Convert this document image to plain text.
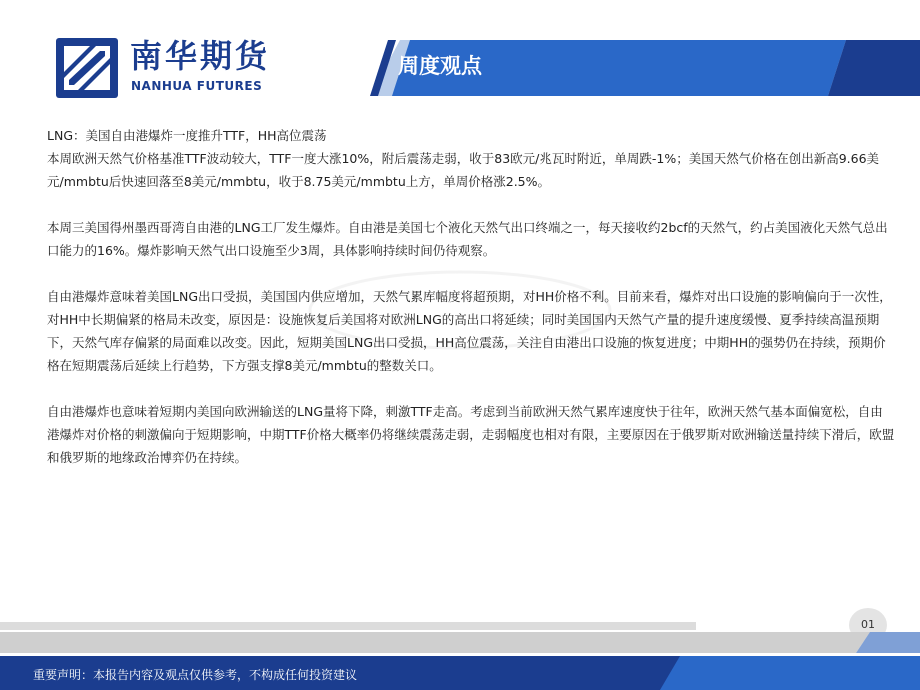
南华期货
NANHUA FUTURES
周度观点

LNG：美国自由港爆炸一度推升TTF，HH高位震荡

本周欧洲天然气价格基准TTF波动较大，TTF一度大涨10%，附后震荡走弱，收于83欧元/兆瓦时附近，单周跌-1%；美国天然气价格在创出新高9.66美元/mmbtu后快速回落至8美元/mmbtu，收于8.75美元/mmbtu上方，单周价格涨2.5%。

本周三美国得州墨西哥湾自由港的LNG工厂发生爆炸。自由港是美国七个液化天然气出口终端之一，每天接收约2bcf的天然气，约占美国液化天然气总出口能力的16%。爆炸影响天然气出口设施至少3周，具体影响持续时间仍待观察。

自由港爆炸意味着美国LNG出口受损，美国国内供应增加，天然气累库幅度将超预期，对HH价格不利。目前来看，爆炸对出口设施的影响偏向于一次性，对HH中长期偏紧的格局未改变，原因是：设施恢复后美国将对欧洲LNG的高出口将延续；同时美国国内天然气产量的提升速度缓慢、夏季持续高温预期下，天然气库存偏紧的局面难以改变。因此，短期美国LNG出口受损，HH高位震荡，关注自由港出口设施的恢复进度；中期HH的强势仍在持续，预期价格在短期震荡后延续上行趋势，下方强支撑8美元/mmbtu的整数关口。

自由港爆炸也意味着短期内美国向欧洲输送的LNG量将下降，刺激TTF走高。考虑到当前欧洲天然气累库速度快于往年，欧洲天然气基本面偏宽松，自由港爆炸对价格的刺激偏向于短期影响，中期TTF价格大概率仍将继续震荡走弱，走弱幅度也相对有限，主要原因在于俄罗斯对欧洲输送量持续下滑后，欧盟和俄罗斯的地缘政治博弈仍在持续。

01
重要声明：本报告内容及观点仅供参考，不构成任何投资建议
